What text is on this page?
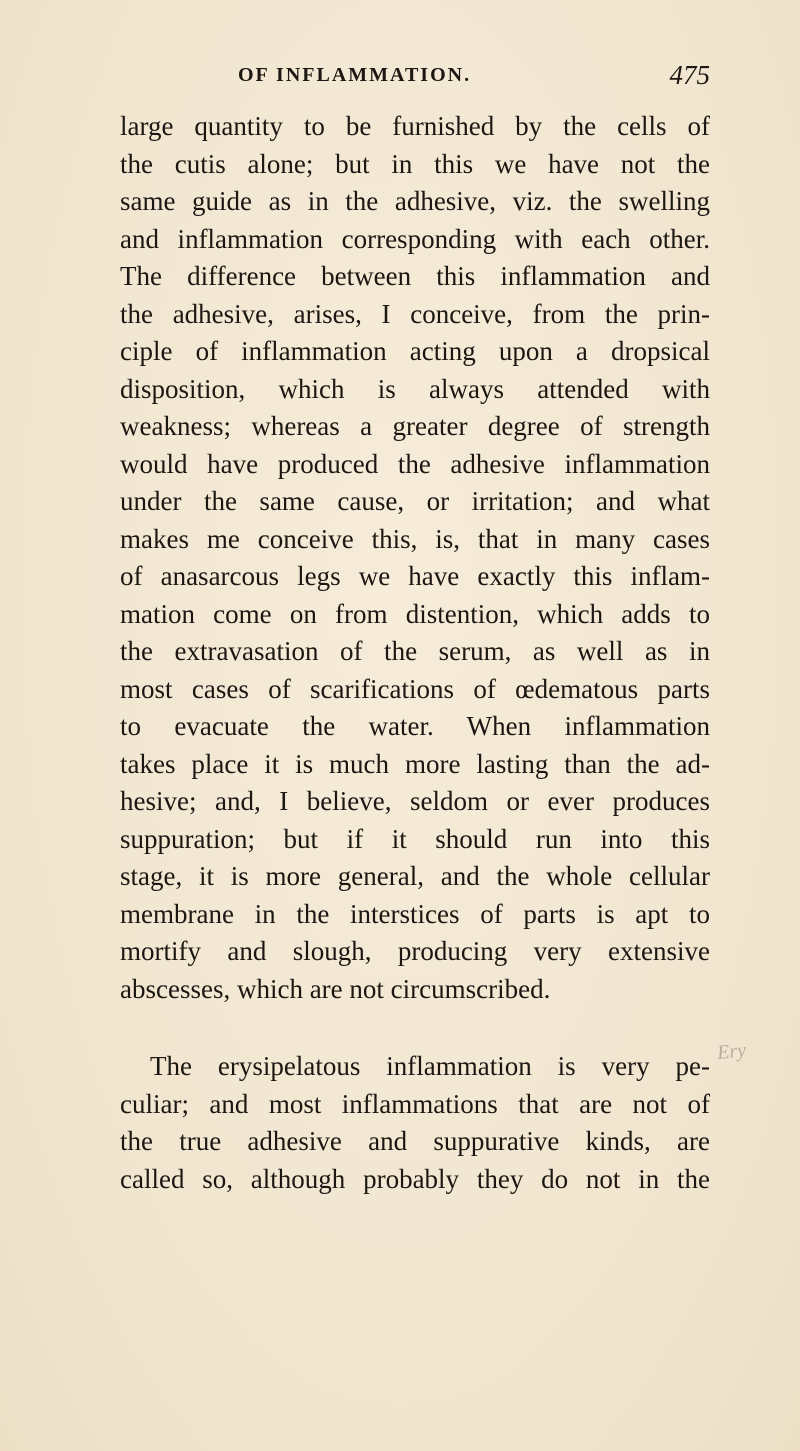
OF INFLAMMATION.	475
large quantity to be furnished by the cells of
the cutis alone; but in this we have not the
same guide as in the adhesive, viz. the swelling
and inflammation corresponding with each other.
The difference between this inflammation and
the adhesive, arises, I conceive, from the prin-
ciple of inflammation acting upon a dropsical
disposition, which is always attended with
weakness; whereas a greater degree of strength
would have produced the adhesive inflammation
under the same cause, or irritation; and what
makes me conceive this, is, that in many cases
of anasarcous legs we have exactly this inflam-
mation come on from distention, which adds to
the extravasation of the serum, as well as in
most cases of scarifications of œdematous parts
to evacuate the water. When inflammation
takes place it is much more lasting than the ad-
hesive; and, I believe, seldom or ever produces
suppuration; but if it should run into this
stage, it is more general, and the whole cellular
membrane in the interstices of parts is apt to
mortify and slough, producing very extensive
abscesses, which are not circumscribed.
The erysipelatous inflammation is very pe-
culiar; and most inflammations that are not of
the true adhesive and suppurative kinds, are
called so, although probably they do not in the
Ery
